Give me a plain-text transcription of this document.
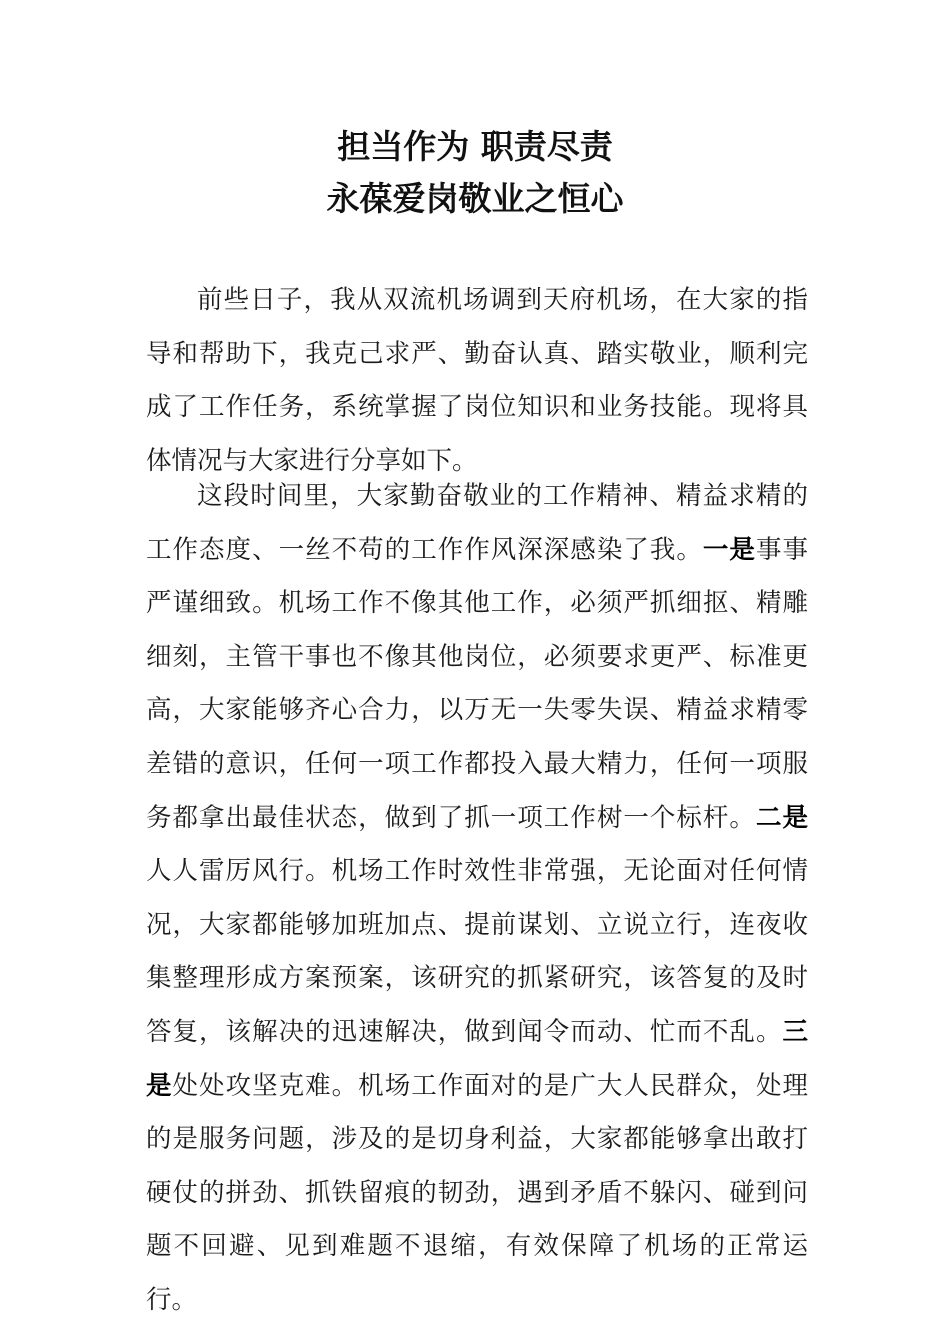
担当作为 职责尽责
永葆爱岗敬业之恒心

前些日子，我从双流机场调到天府机场，在大家的指导和帮助下，我克己求严、勤奋认真、踏实敬业，顺利完成了工作任务，系统掌握了岗位知识和业务技能。现将具体情况与大家进行分享如下。

这段时间里，大家勤奋敬业的工作精神、精益求精的工作态度、一丝不苟的工作作风深深感染了我。一是事事严谨细致。机场工作不像其他工作，必须严抓细抠、精雕细刻，主管干事也不像其他岗位，必须要求更严、标准更高，大家能够齐心合力，以万无一失零失误、精益求精零差错的意识，任何一项工作都投入最大精力，任何一项服务都拿出最佳状态，做到了抓一项工作树一个标杆。二是人人雷厉风行。机场工作时效性非常强，无论面对任何情况，大家都能够加班加点、提前谋划、立说立行，连夜收集整理形成方案预案，该研究的抓紧研究，该答复的及时答复，该解决的迅速解决，做到闻令而动、忙而不乱。三是处处攻坚克难。机场工作面对的是广大人民群众，处理的是服务问题，涉及的是切身利益，大家都能够拿出敢打硬仗的拼劲、抓铁留痕的韧劲，遇到矛盾不躲闪、碰到问题不回避、见到难题不退缩，有效保障了机场的正常运行。
